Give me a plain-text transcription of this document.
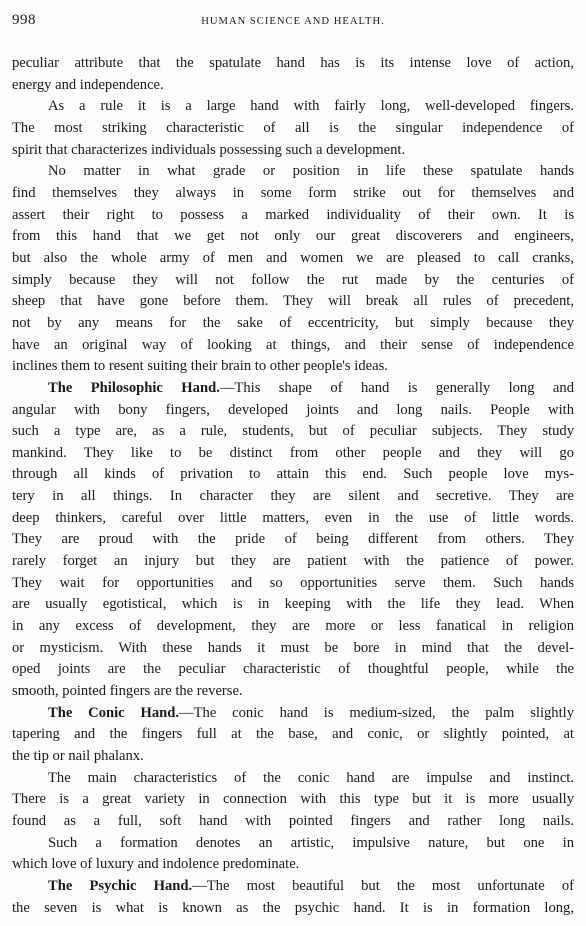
998	HUMAN SCIENCE AND HEALTH.
peculiar attribute that the spatulate hand has is its intense love of action,
energy and independence.
As a rule it is a large hand with fairly long, well-developed fingers.
The most striking characteristic of all is the singular independence of
spirit that characterizes individuals possessing such a development.
No matter in what grade or position in life these spatulate hands
find themselves they always in some form strike out for themselves and
assert their right to possess a marked individuality of their own. It is
from this hand that we get not only our great discoverers and engineers,
but also the whole army of men and women we are pleased to call cranks,
simply because they will not follow the rut made by the centuries of
sheep that have gone before them. They will break all rules of precedent,
not by any means for the sake of eccentricity, but simply because they
have an original way of looking at things, and their sense of independence
inclines them to resent suiting their brain to other people's ideas.
The Philosophic Hand.—This shape of hand is generally long and
angular with bony fingers, developed joints and long nails. People with
such a type are, as a rule, students, but of peculiar subjects. They study
mankind. They like to be distinct from other people and they will go
through all kinds of privation to attain this end. Such people love mys-
tery in all things. In character they are silent and secretive. They are
deep thinkers, careful over little matters, even in the use of little words.
They are proud with the pride of being different from others. They
rarely forget an injury but they are patient with the patience of power.
They wait for opportunities and so opportunities serve them. Such hands
are usually egotistical, which is in keeping with the life they lead. When
in any excess of development, they are more or less fanatical in religion
or mysticism. With these hands it must be bore in mind that the devel-
oped joints are the peculiar characteristic of thoughtful people, while the
smooth, pointed fingers are the reverse.
The Conic Hand.—The conic hand is medium-sized, the palm slightly
tapering and the fingers full at the base, and conic, or slightly pointed, at
the tip or nail phalanx.
The main characteristics of the conic hand are impulse and instinct.
There is a great variety in connection with this type but it is more usually
found as a full, soft hand with pointed fingers and rather long nails.
Such a formation denotes an artistic, impulsive nature, but one in
which love of luxury and indolence predominate.
The Psychic Hand.—The most beautiful but the most unfortunate of
the seven is what is known as the psychic hand. It is in formation long,
